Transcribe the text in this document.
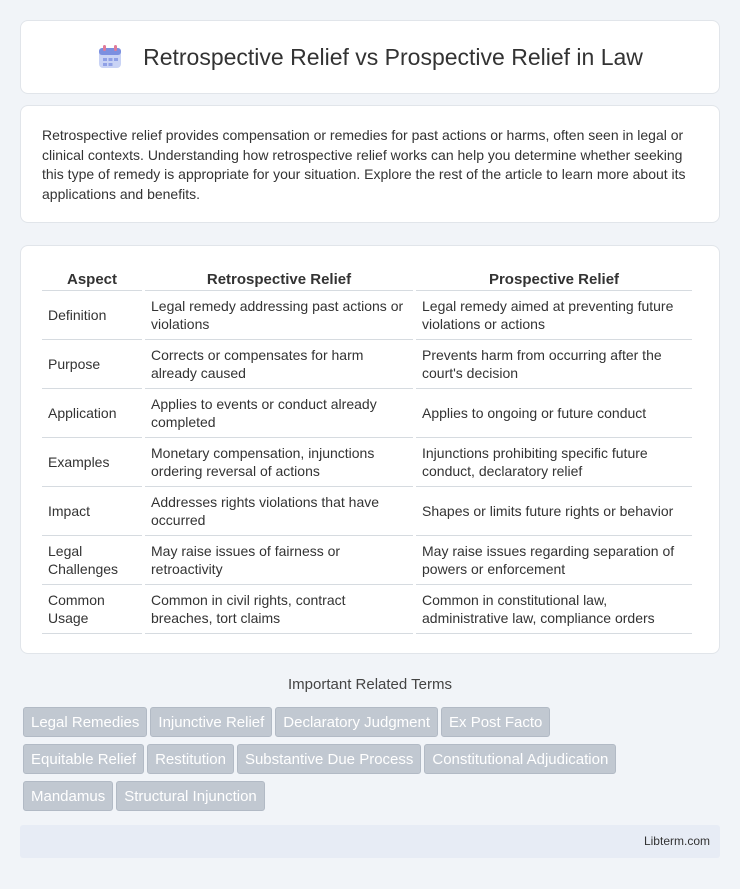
Retrospective Relief vs Prospective Relief in Law

Retrospective relief provides compensation or remedies for past actions or harms, often seen in legal or clinical contexts. Understanding how retrospective relief works can help you determine whether seeking this type of remedy is appropriate for your situation. Explore the rest of the article to learn more about its applications and benefits.

Aspect	Retrospective Relief	Prospective Relief
Definition	Legal remedy addressing past actions or violations	Legal remedy aimed at preventing future violations or actions
Purpose	Corrects or compensates for harm already caused	Prevents harm from occurring after the court's decision
Application	Applies to events or conduct already completed	Applies to ongoing or future conduct
Examples	Monetary compensation, injunctions ordering reversal of actions	Injunctions prohibiting specific future conduct, declaratory relief
Impact	Addresses rights violations that have occurred	Shapes or limits future rights or behavior
Legal Challenges	May raise issues of fairness or retroactivity	May raise issues regarding separation of powers or enforcement
Common Usage	Common in civil rights, contract breaches, tort claims	Common in constitutional law, administrative law, compliance orders
Important Related Terms
Legal Remedies Injunctive Relief Declaratory Judgment Ex Post Facto
Equitable Relief Restitution Substantive Due Process Constitutional Adjudication
Mandamus Structural Injunction
Libterm.com
